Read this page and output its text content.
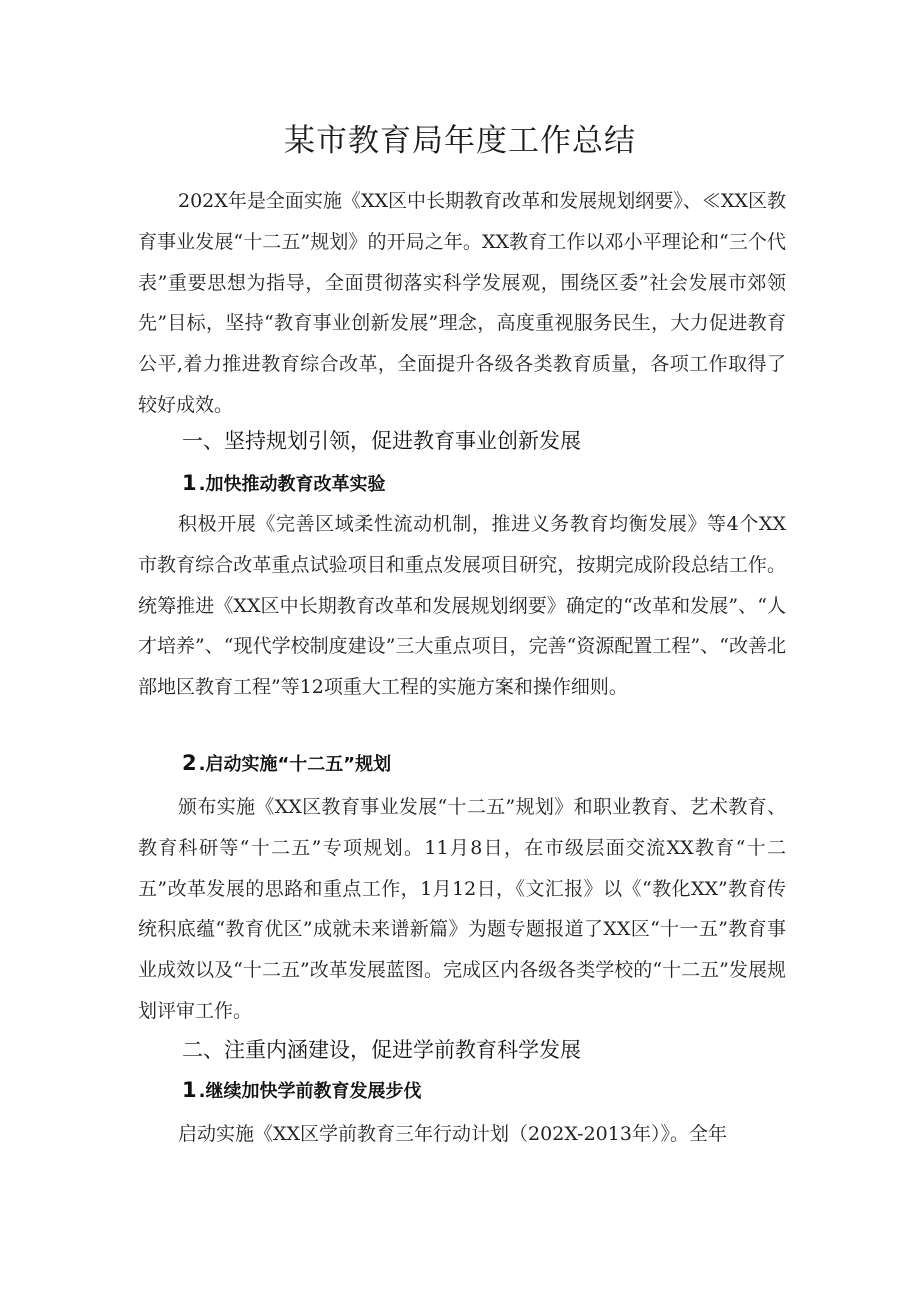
某市教育局年度工作总结

202X年是全面实施《XX区中长期教育改革和发展规划纲要》、≪XX区教育事业发展“十二五”规划》的开局之年。XX教育工作以邓小平理论和“三个代表”重要思想为指导，全面贯彻落实科学发展观，围绕区委”社会发展市郊领先”目标，坚持“教育事业创新发展”理念，高度重视服务民生，大力促进教育公平,着力推进教育综合改革，全面提升各级各类教育质量，各项工作取得了较好成效。

一、坚持规划引领，促进教育事业创新发展
1 .加快推动教育改革实验

积极开展《完善区域柔性流动机制，推进义务教育均衡发展》等4个XX市教育综合改革重点试验项目和重点发展项目研究，按期完成阶段总结工作。统筹推进《XX区中长期教育改革和发展规划纲要》确定的“改革和发展”、“人才培养”、“现代学校制度建设”三大重点项目，完善“资源配置工程”、“改善北部地区教育工程”等12项重大工程的实施方案和操作细则。

2 .启动实施“十二五”规划

颁布实施《XX区教育事业发展“十二五”规划》和职业教育、艺术教育、教育科研等“十二五”专项规划。11月8日，在市级层面交流XX教育“十二五”改革发展的思路和重点工作，1月12日，《文汇报》以《“教化XX”教育传统积底蕴“教育优区”成就未来谱新篇》为题专题报道了XX区“十一五”教育事业成效以及“十二五”改革发展蓝图。完成区内各级各类学校的“十二五”发展规划评审工作。

二、注重内涵建设，促进学前教育科学发展
1 .继续加快学前教育发展步伐

启动实施《XX区学前教育三年行动计划（202X-2013年）》。全年
